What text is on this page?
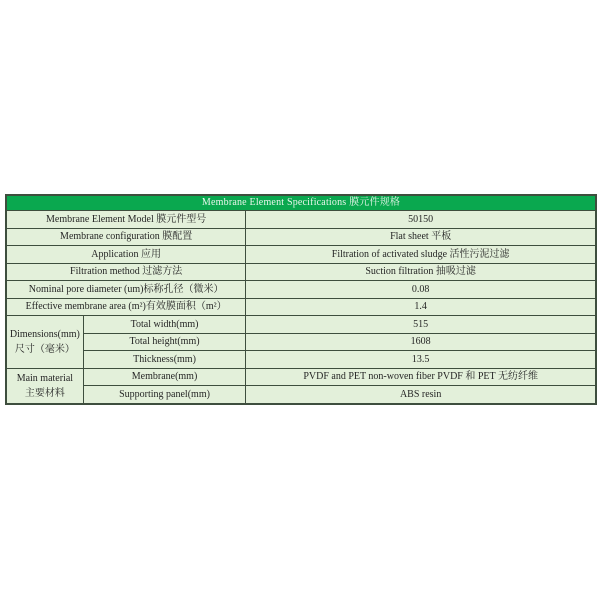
Membrane Element Specifications 膜元件规格		
Membrane Element Model 膜元件型号		50150
Membrane configuration 膜配置		Flat sheet 平板
Application 应用		Filtration of activated sludge 活性污泥过滤
Filtration method 过滤方法		Suction filtration 抽吸过滤
Nominal pore diameter (um)标称孔径（微米）		0.08
Effective membrane area (m²)有效膜面积（m²）		1.4

Dimensions(mm)
尺寸（毫米）	Total width(mm)	515
	Total height(mm)	1608
	Thickness(mm)	13.5

Main material
主要材料	Membrane(mm)	PVDF and PET non-woven fiber PVDF 和 PET 无纺纤维
	Supporting panel(mm)	ABS resin
